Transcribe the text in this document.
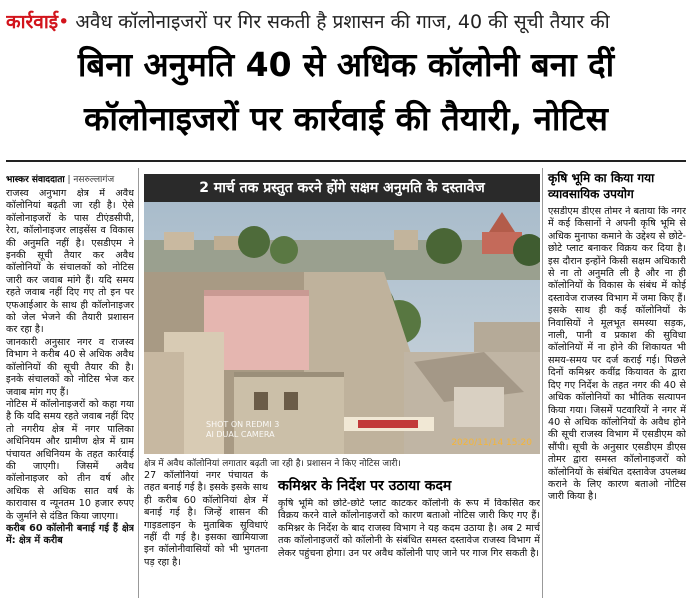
कार्रवाई• अवैध कॉलोनाइजरों पर गिर सकती है प्रशासन की गाज, 40 की सूची तैयार की
बिना अनुमति 40 से अधिक कॉलोनी बना दीं
कॉलोनाइजरों पर कार्रवाई की तैयारी, नोटिस
भास्कर संवाददाता | नसरुल्लागंज

राजस्व अनुभाग क्षेत्र में अवैध कॉलोनियां बढ़ती जा रही है। ऐसे कॉलोनाइजरों के पास टीएंडसीपी, रेरा, कॉलोनाइजर लाइसेंस व विकास की अनुमति नहीं है। एसडीएम ने इनकी सूची तैयार कर अवैध कॉलोनियों के संचालकों को नोटिस जारी कर जवाब मांगे हैं। यदि समय रहते जवाब नहीं दिए गए तो इन पर एफआईआर के साथ ही कॉलोनाइजर को जेल भेजने की तैयारी प्रशासन कर रहा है।

जानकारी अनुसार नगर व राजस्व विभाग ने करीब 40 से अधिक अवैध कॉलोनियों की सूची तैयार की है। इनके संचालकों को नोटिस भेज कर जवाब मांग गए हैं।

नोटिस में कॉलोनाइजरों को कहा गया है कि यदि समय रहते जवाब नहीं दिए तो नगरीय क्षेत्र में नगर पालिका अधिनियम और ग्रामीण क्षेत्र में ग्राम पंचायत अधिनियम के तहत कार्रवाई की जाएगी। जिसमें अवैध कॉलोनाइजर को तीन वर्ष और अधिक से अधिक सात वर्ष के कारावास व न्यूनतम 10 हजार रुपए के जुर्माने से दंडित किया जाएगा।

करीब 60 कॉलोनी बनाई गई हैं क्षेत्र में: क्षेत्र में करीब

2 मार्च तक प्रस्तुत करने होंगे सक्षम अनुमति के दस्तावेज
SHOT ON REDMI 3
AI DUAL CAMERA
2020/11/14 15:20
क्षेत्र में अवैध कॉलोनियां लगातार बढ़ती जा रही है। प्रशासन ने किए नोटिस जारी।
27 कॉलोनियां नगर पंचायत के तहत बनाई गई है। इसके इसके साथ ही करीब 60 कॉलोनियां क्षेत्र में बनाई गई है। जिन्हें शासन की गाइडलाइन के मुताबिक सुविधाएं नहीं दी गई है। इसका खामियाजा इन कॉलोनीवासियों को भी भुगतना पड़ रहा है।
कमिश्नर के निर्देश पर उठाया कदम
कृषि भूमि को छोटे-छोटे प्लाट काटकर कॉलोनी के रूप में विकसित कर विक्रय करने वाले कॉलोनाइजरों को कारण बताओ नोटिस जारी किए गए हैं। कमिश्नर के निर्देश के बाद राजस्व विभाग ने यह कदम उठाया है। अब 2 मार्च तक कॉलोनाइजरों को कॉलोनी के संबंधित समस्त दस्तावेज राजस्व विभाग में लेकर पहुंचना होगा। उन पर अवैध कॉलोनी पाए जाने पर गाज गिर सकती है।
कृषि भूमि का किया गया व्यावसायिक उपयोग
एसडीएम डीएस तोमर ने बताया कि नगर में कई किसानों ने अपनी कृषि भूमि से अधिक मुनाफा कमाने के उद्देश्य से छोटे-छोटे प्लाट बनाकर विक्रय कर दिया है। इस दौरान इन्होंने किसी सक्षम अधिकारी से ना तो अनुमति ली है और ना ही कॉलोनियों के विकास के संबंध में कोई दस्तावेज राजस्व विभाग में जमा किए हैं। इसके साथ ही कई कॉलोनियों के निवासियों ने मूलभूत समस्या सड़क, नाली, पानी व प्रकाश की सुविधा कॉलोनियों में ना होने की शिकायत भी समय-समय पर दर्ज कराई गई। पिछले दिनों कमिश्नर कवींद्र कियावत के द्वारा दिए गए निर्देश के तहत नगर की 40 से अधिक कॉलोनियों का भौतिक सत्यापन किया गया। जिसमें पटवारियों ने नगर में 40 से अधिक कॉलोनियों के अवैध होने की सूची राजस्व विभाग में एसडीएम को सौंपी। सूची के अनुसार एसडीएम डीएस तोमर द्वारा समस्त कॉलोनाइजरों को कॉलोनियों के संबंधित दस्तावेज उपलब्ध कराने के लिए कारण बताओ नोटिस जारी किया है।
